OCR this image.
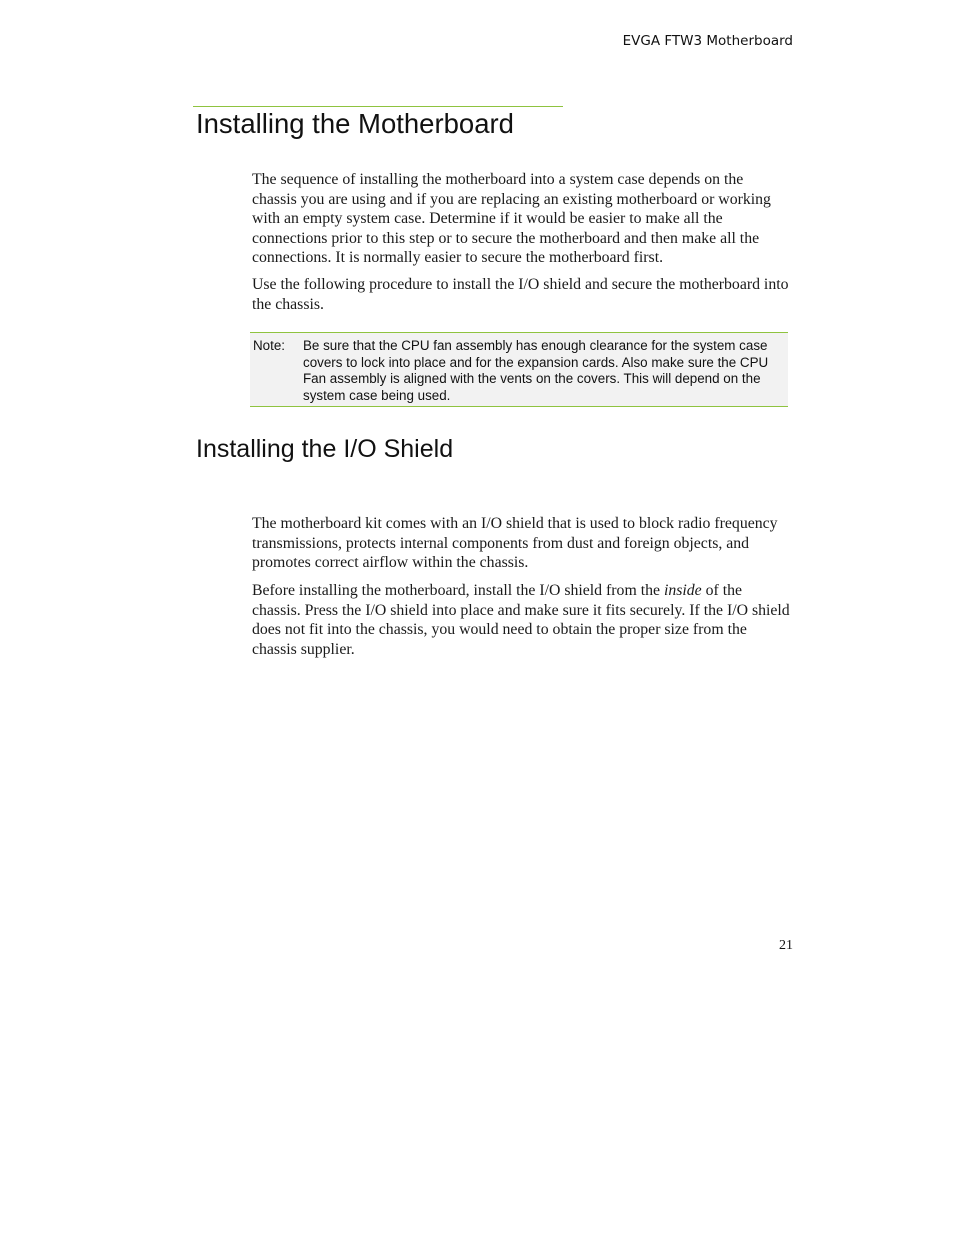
EVGA FTW3 Motherboard
Installing the Motherboard

The sequence of installing the motherboard into a system case depends on the chassis you are using and if you are replacing an existing motherboard or working with an empty system case. Determine if it would be easier to make all the connections prior to this step or to secure the motherboard and then make all the connections. It is normally easier to secure the motherboard first.

Use the following procedure to install the I/O shield and secure the motherboard into the chassis.

Note: Be sure that the CPU fan assembly has enough clearance for the system case covers to lock into place and for the expansion cards. Also make sure the CPU Fan assembly is aligned with the vents on the covers. This will depend on the system case being used.

Installing the I/O Shield

The motherboard kit comes with an I/O shield that is used to block radio frequency transmissions, protects internal components from dust and foreign objects, and promotes correct airflow within the chassis.

Before installing the motherboard, install the I/O shield from the inside of the chassis. Press the I/O shield into place and make sure it fits securely. If the I/O shield does not fit into the chassis, you would need to obtain the proper size from the chassis supplier.

21
